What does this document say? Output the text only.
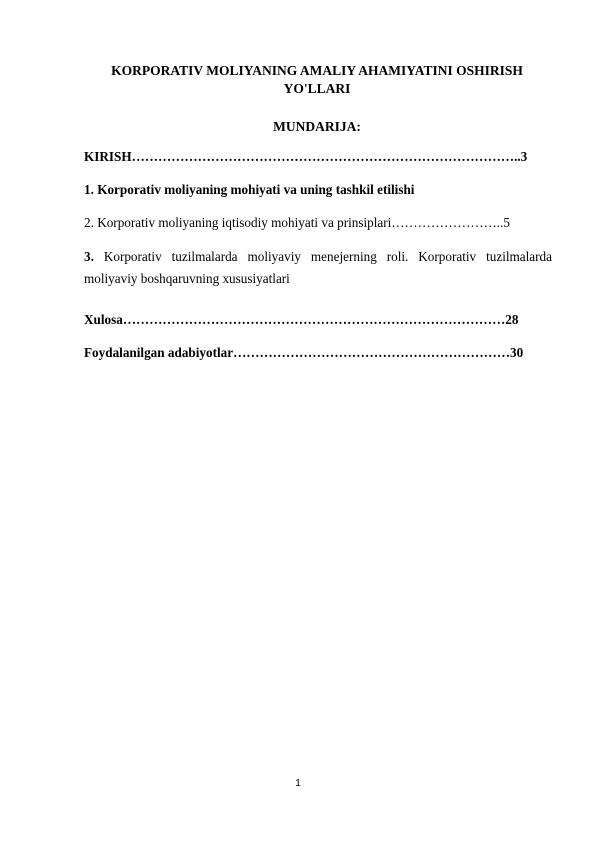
KORPORATIV MOLIYANING AMALIY AHAMIYATINI OSHIRISH

YO'LLARI

MUNDARIJA:

KIRISH……………………………………………………………………………..3
1. Korporativ moliyaning mohiyati va uning tashkil etilishi
2. Korporativ moliyaning iqtisodiy mohiyati va prinsiplari……………………..5
3. Korporativ tuzilmalarda moliyaviy menejerning roli. Korporativ tuzilmalarda
moliyaviy boshqaruvning xususiyatlari
Xulosa……………………………………………………………………………28
Foydalanilgan adabiyotlar………………………………………………………30
1
